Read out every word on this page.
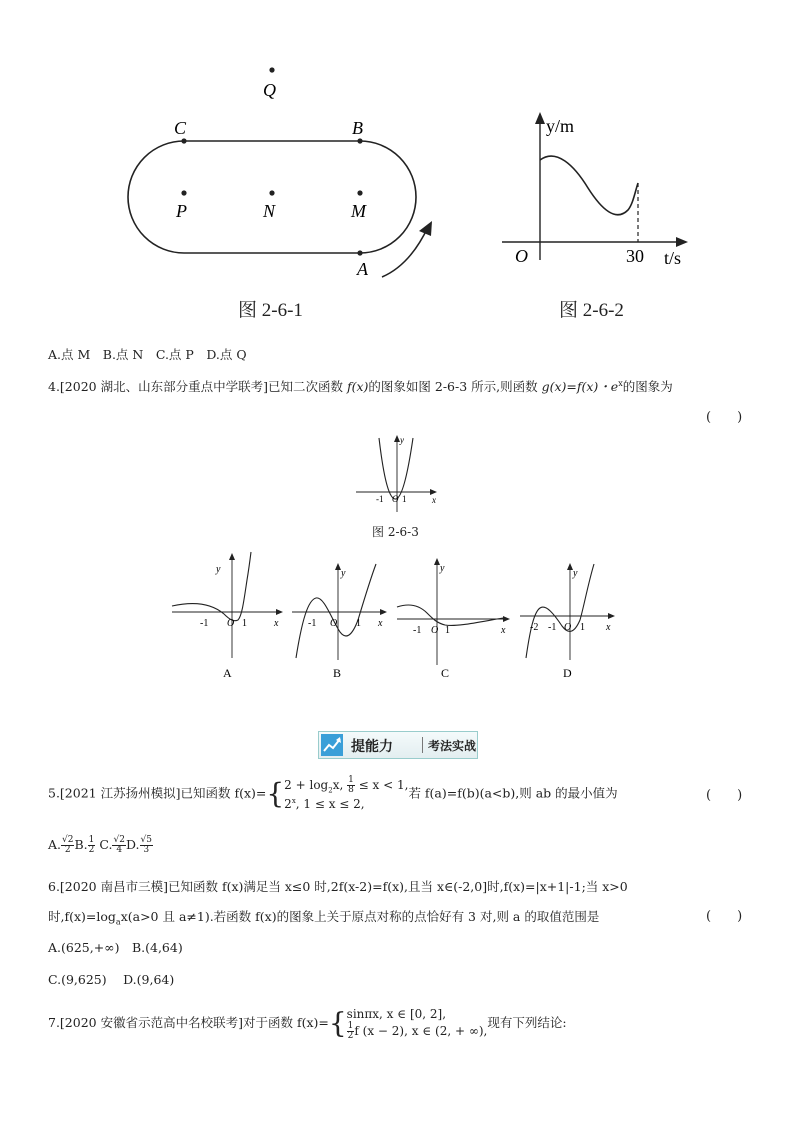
Q
C	B
P	N	M
A
图 2-6-1
y/m
O	30 t/s
图 2-6-2
A.点 M　B.点 N　C.点 P　D.点 Q
4.[2020 湖北、山东部分重点中学联考]已知二次函数 f(x)的图象如图 2-6-3 所示,则函数 g(x)=f(x)・$e^x$的图象为
(　　)
y
x
-1 O 1
图 2-6-3
y
x
-1 O 1
A
y
x
-1 O 1
B
y
x
-1 O 1
C
y
x
-2 -1 O 1
D
提能力	考法实战
5.[2021 江苏扬州模拟]已知函数 f(x)={ $2 + \log_2x$, $\frac{1}{8} \le x < 1$,
2$^x$, 1 ≤ x ≤ 2,
若 f(a)=f(b)(a<b),则 ab 的最小值为	(　　)
A. $\frac{√2}{2} B$. $\frac{1}{2} C$. $\frac{√2}{4} D$. $\frac{√5}{3}$
6.[2020 南昌市三模]已知函数 f(x)满足当 x≤0 时,2f(x-2)=f(x),且当 x∈(-2,0]时,f(x)=|x+1|-1;当 x>0
时$,f(x)=\log_ax(a>0$ 且 a≠1).若函数 f(x)的图象上关于原点对称的点恰好有 3 对,则 a 的取值范围是	(　　)
A.(625,+∞)　B.(4,64)
C.(9,625)　 D.(9,64)
7.[2020 安徽省示范高中名校联考]对于函数 f(x)={ sinπx, x ∈ [0, 2],
$\frac{1}{2}$ f (x − 2), x ∈ (2, + ∞),
现有下列结论:
